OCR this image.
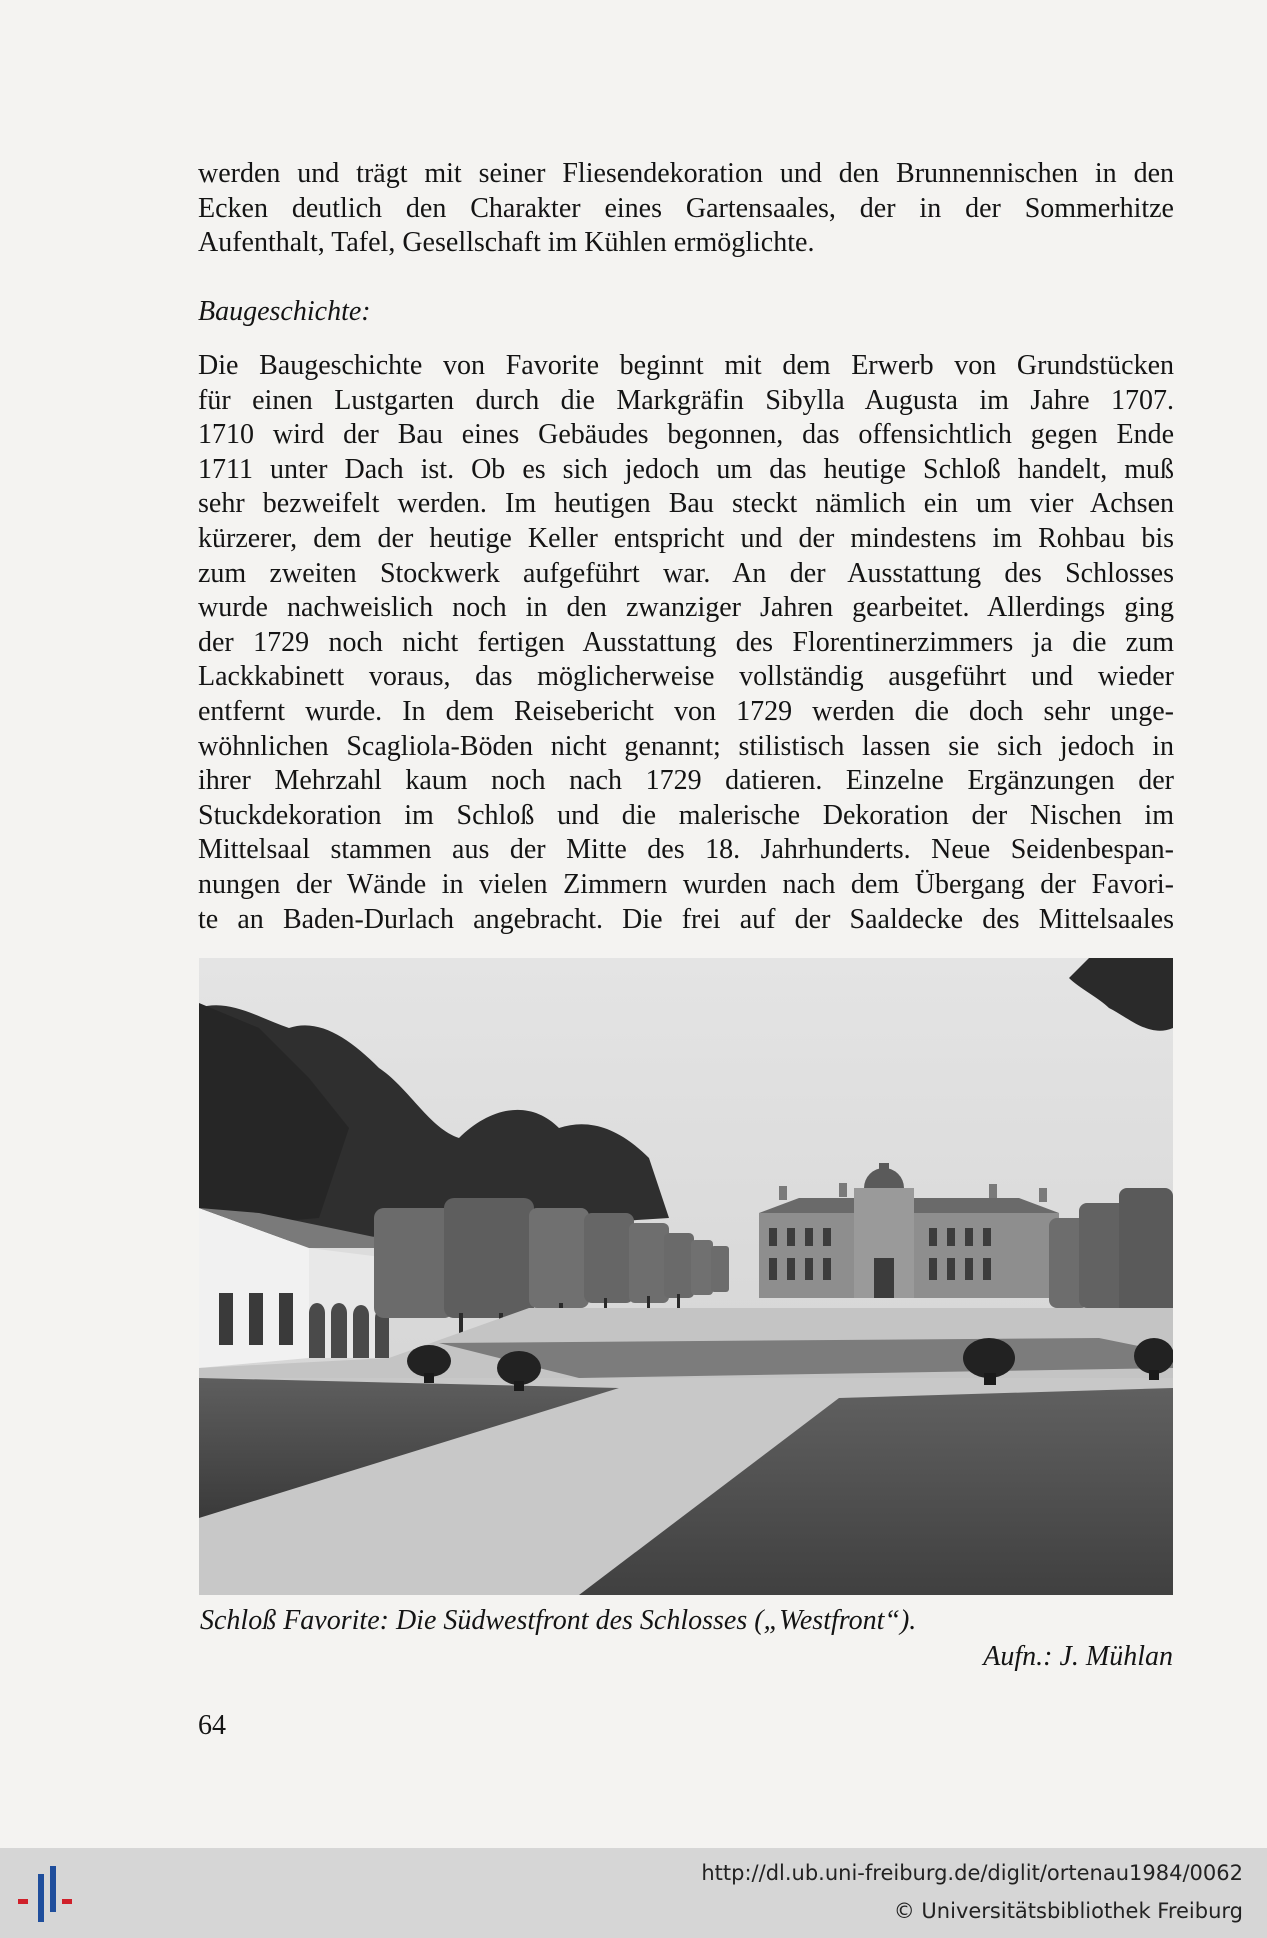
werden und trägt mit seiner Fliesendekoration und den Brunnennischen in den
Ecken deutlich den Charakter eines Gartensaales, der in der Sommerhitze
Aufenthalt, Tafel, Gesellschaft im Kühlen ermöglichte.
Baugeschichte:
Die Baugeschichte von Favorite beginnt mit dem Erwerb von Grundstücken
für einen Lustgarten durch die Markgräfin Sibylla Augusta im Jahre 1707.
1710 wird der Bau eines Gebäudes begonnen, das offensichtlich gegen Ende
1711 unter Dach ist. Ob es sich jedoch um das heutige Schloß handelt, muß
sehr bezweifelt werden. Im heutigen Bau steckt nämlich ein um vier Achsen
kürzerer, dem der heutige Keller entspricht und der mindestens im Rohbau bis
zum zweiten Stockwerk aufgeführt war. An der Ausstattung des Schlosses
wurde nachweislich noch in den zwanziger Jahren gearbeitet. Allerdings ging
der 1729 noch nicht fertigen Ausstattung des Florentinerzimmers ja die zum
Lackkabinett voraus, das möglicherweise vollständig ausgeführt und wieder
entfernt wurde. In dem Reisebericht von 1729 werden die doch sehr unge-
wöhnlichen Scagliola-Böden nicht genannt; stilistisch lassen sie sich jedoch in
ihrer Mehrzahl kaum noch nach 1729 datieren. Einzelne Ergänzungen der
Stuckdekoration im Schloß und die malerische Dekoration der Nischen im
Mittelsaal stammen aus der Mitte des 18. Jahrhunderts. Neue Seidenbespan-
nungen der Wände in vielen Zimmern wurden nach dem Übergang der Favori-
te an Baden-Durlach angebracht. Die frei auf der Saaldecke des Mittelsaales
Schloß Favorite: Die Südwestfront des Schlosses („Westfront“).
Aufn.: J. Mühlan
64
http://dl.ub.uni-freiburg.de/diglit/ortenau1984/0062
© Universitätsbibliothek Freiburg
